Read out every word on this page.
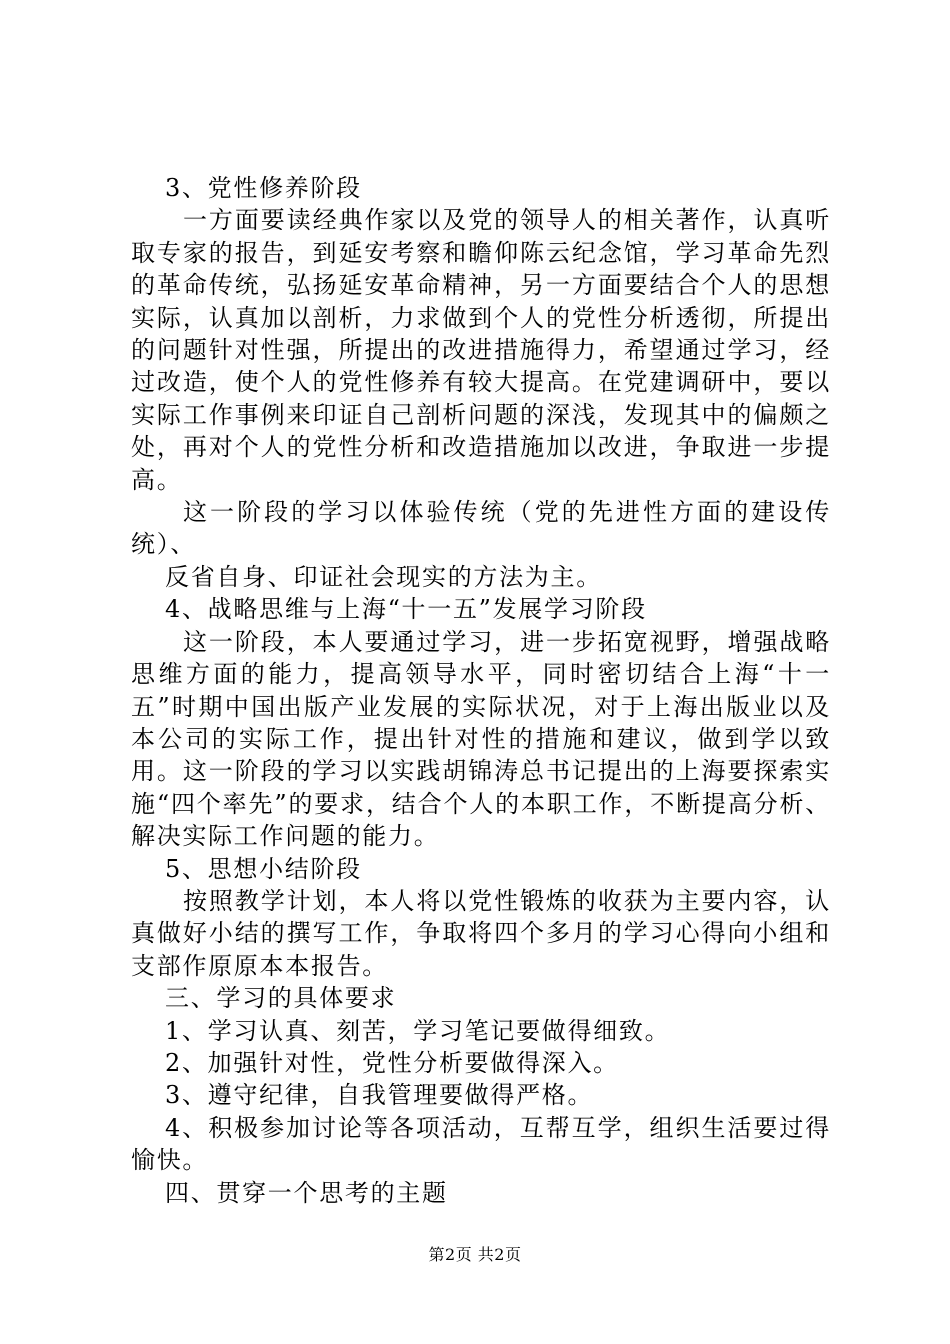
3、党性修养阶段

一方面要读经典作家以及党的领导人的相关著作，认真听取专家的报告，到延安考察和瞻仰陈云纪念馆，学习革命先烈的革命传统，弘扬延安革命精神，另一方面要结合个人的思想实际，认真加以剖析，力求做到个人的党性分析透彻，所提出的问题针对性强，所提出的改进措施得力，希望通过学习，经过改造，使个人的党性修养有较大提高。在党建调研中，要以实际工作事例来印证自己剖析问题的深浅，发现其中的偏颇之处，再对个人的党性分析和改造措施加以改进，争取进一步提高。

这一阶段的学习以体验传统（党的先进性方面的建设传统）、

反省自身、印证社会现实的方法为主。

4、战略思维与上海“十一五”发展学习阶段

这一阶段，本人要通过学习，进一步拓宽视野，增强战略思维方面的能力，提高领导水平，同时密切结合上海“十一五”时期中国出版产业发展的实际状况，对于上海出版业以及本公司的实际工作，提出针对性的措施和建议，做到学以致用。这一阶段的学习以实践胡锦涛总书记提出的上海要探索实施“四个率先”的要求，结合个人的本职工作，不断提高分析、解决实际工作问题的能力。

5、思想小结阶段

按照教学计划，本人将以党性锻炼的收获为主要内容，认真做好小结的撰写工作，争取将四个多月的学习心得向小组和支部作原原本本报告。

三、学习的具体要求

1、学习认真、刻苦，学习笔记要做得细致。

2、加强针对性，党性分析要做得深入。

3、遵守纪律，自我管理要做得严格。

4、积极参加讨论等各项活动，互帮互学，组织生活要过得愉快。

四、贯穿一个思考的主题

第2页 共2页
